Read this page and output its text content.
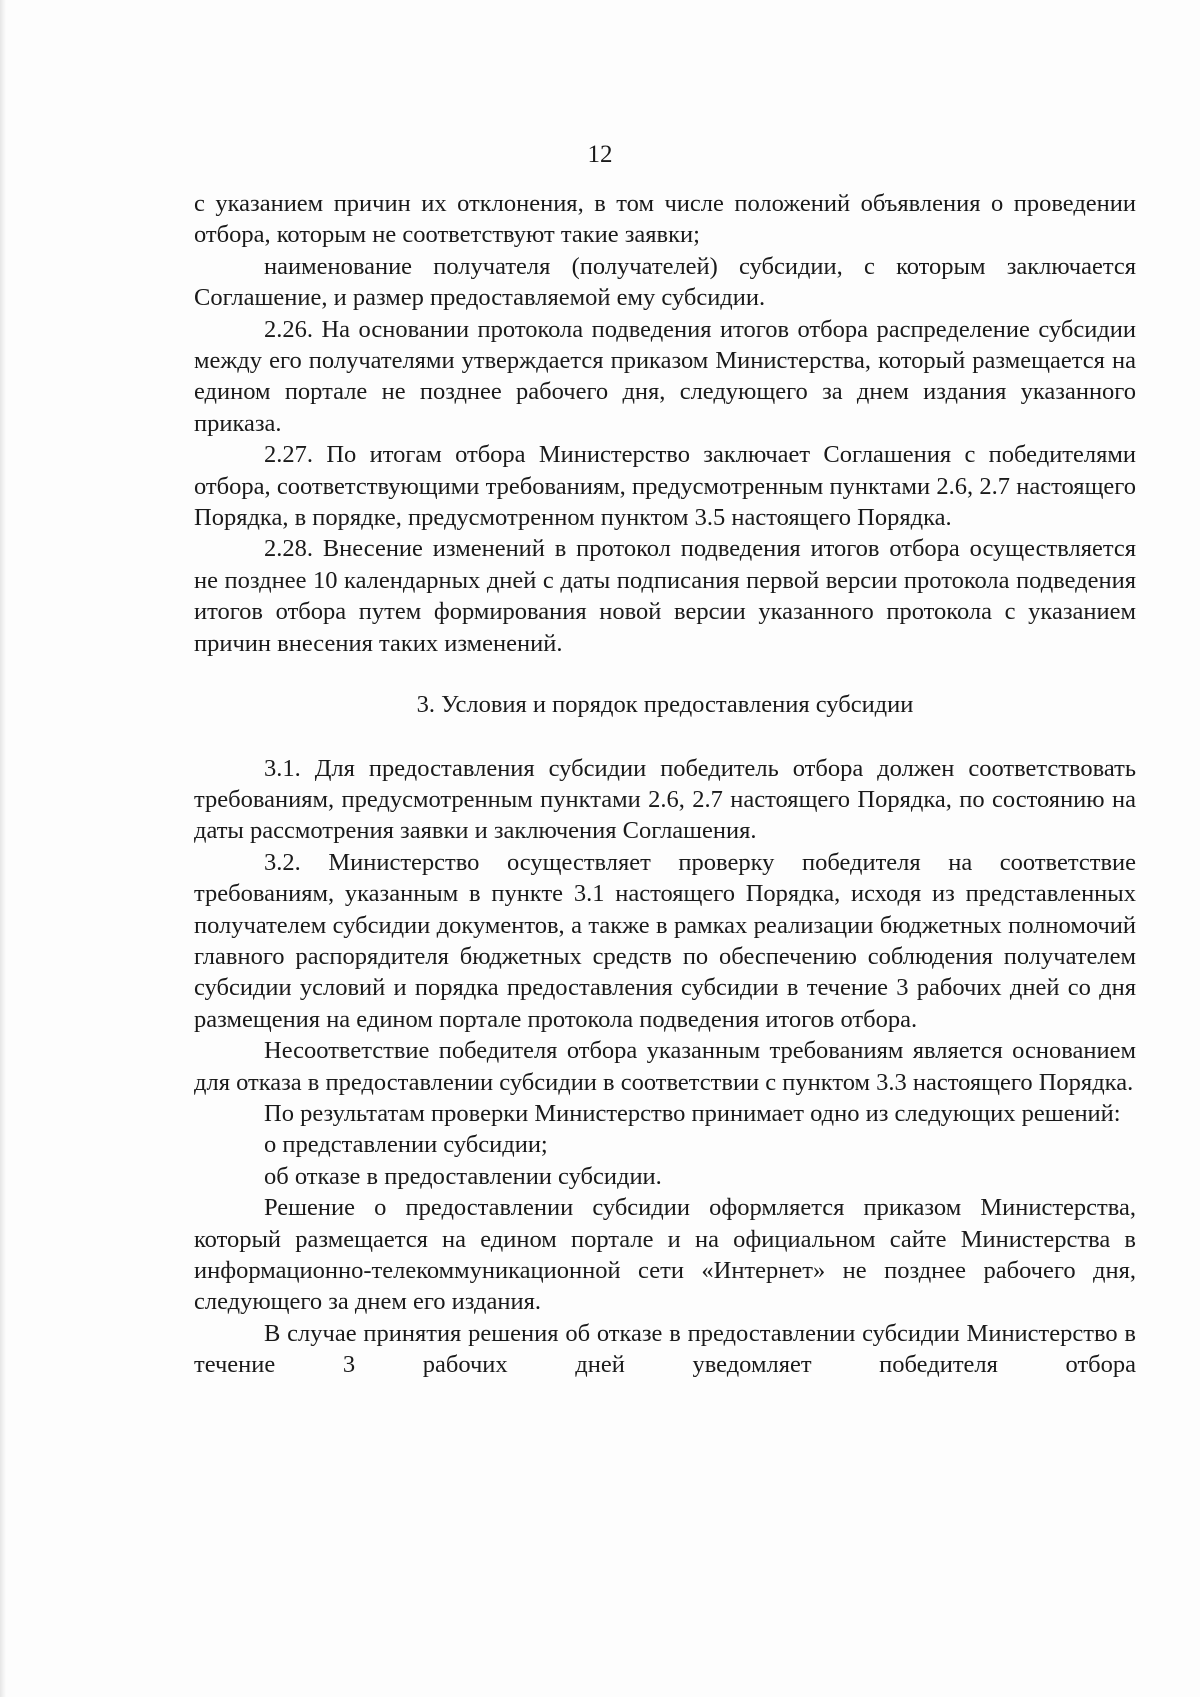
12

с указанием причин их отклонения, в том числе положений объявления о проведении отбора, которым не соответствуют такие заявки;

наименование получателя (получателей) субсидии, с которым заключается Соглашение, и размер предоставляемой ему субсидии.

2.26. На основании протокола подведения итогов отбора распределение субсидии между его получателями утверждается приказом Министерства, который размещается на едином портале не позднее рабочего дня, следующего за днем издания указанного приказа.

2.27. По итогам отбора Министерство заключает Соглашения с победителями отбора, соответствующими требованиям, предусмотренным пунктами 2.6, 2.7 настоящего Порядка, в порядке, предусмотренном пунктом 3.5 настоящего Порядка.

2.28. Внесение изменений в протокол подведения итогов отбора осуществляется не позднее 10 календарных дней с даты подписания первой версии протокола подведения итогов отбора путем формирования новой версии указанного протокола с указанием причин внесения таких изменений.

3. Условия и порядок предоставления субсидии

3.1. Для предоставления субсидии победитель отбора должен соответствовать требованиям, предусмотренным пунктами 2.6, 2.7 настоящего Порядка, по состоянию на даты рассмотрения заявки и заключения Соглашения.

3.2. Министерство осуществляет проверку победителя на соответствие требованиям, указанным в пункте 3.1 настоящего Порядка, исходя из представленных получателем субсидии документов, а также в рамках реализации бюджетных полномочий главного распорядителя бюджетных средств по обеспечению соблюдения получателем субсидии условий и порядка предоставления субсидии в течение 3 рабочих дней со дня размещения на едином портале протокола подведения итогов отбора.

Несоответствие победителя отбора указанным требованиям является основанием для отказа в предоставлении субсидии в соответствии с пунктом 3.3 настоящего Порядка.

По результатам проверки Министерство принимает одно из следующих решений:

о представлении субсидии;

об отказе в предоставлении субсидии.

Решение о предоставлении субсидии оформляется приказом Министерства, который размещается на едином портале и на официальном сайте Министерства в информационно-телекоммуникационной сети «Интернет» не позднее рабочего дня, следующего за днем его издания.

В случае принятия решения об отказе в предоставлении субсидии Министерство в течение 3 рабочих дней уведомляет победителя отбора
